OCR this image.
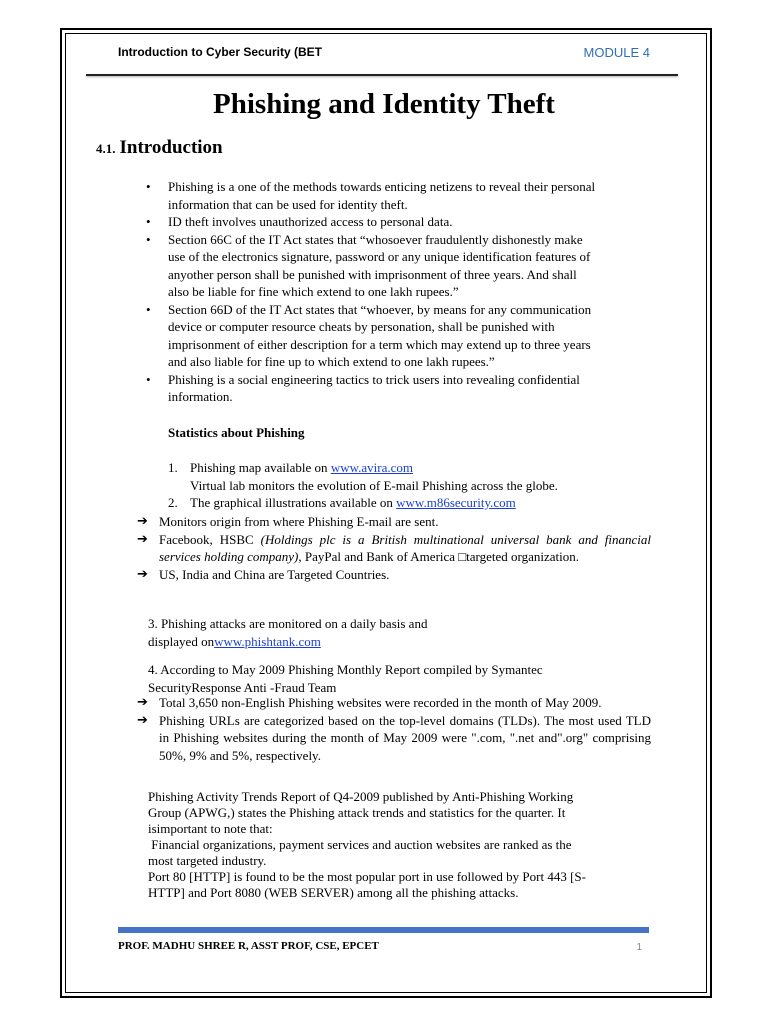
Introduction to Cyber Security (BET	MODULE 4
Phishing and Identity Theft
4.1. Introduction
• Phishing is a one of the methods towards enticing netizens to reveal their personal
information that can be used for identity theft.
• ID theft involves unauthorized access to personal data.
• Section 66C of the IT Act states that “whosoever fraudulently dishonestly make
use of the electronics signature, password or any unique identification features of
anyother person shall be punished with imprisonment of three years. And shall
also be liable for fine which extend to one lakh rupees.”
• Section 66D of the IT Act states that “whoever, by means for any communication
device or computer resource cheats by personation, shall be punished with
imprisonment of either description for a term which may extend up to three years
and also liable for fine up to which extend to one lakh rupees.”
• Phishing is a social engineering tactics to trick users into revealing confidential
information.
Statistics about Phishing
1. Phishing map available on www.avira.com
Virtual lab monitors the evolution of E-mail Phishing across the globe.
2. The graphical illustrations available on www.m86security.com
➔ Monitors origin from where Phishing E-mail are sent.
➔ Facebook, HSBC (Holdings plc is a British multinational universal bank and financial services holding company), PayPal and Bank of America □targeted organization.
➔ US, India and China are Targeted Countries.
3. Phishing attacks are monitored on a daily basis and
displayed onwww.phishtank.com
4. According to May 2009 Phishing Monthly Report compiled by Symantec
SecurityResponse Anti -Fraud Team
➔ Total 3,650 non-English Phishing websites were recorded in the month of May 2009.
➔ Phishing URLs are categorized based on the top-level domains (TLDs). The most used TLD in Phishing websites during the month of May 2009 were ".com, ".net and".org" comprising 50%, 9% and 5%, respectively.
Phishing Activity Trends Report of Q4-2009 published by Anti-Phishing Working
Group (APWG,) states the Phishing attack trends and statistics for the quarter. It
isimportant to note that:
Financial organizations, payment services and auction websites are ranked as the
most targeted industry.
Port 80 [HTTP] is found to be the most popular port in use followed by Port 443 [S-
HTTP] and Port 8080 (WEB SERVER) among all the phishing attacks.
PROF. MADHU SHREE R, ASST PROF, CSE, EPCET	1
